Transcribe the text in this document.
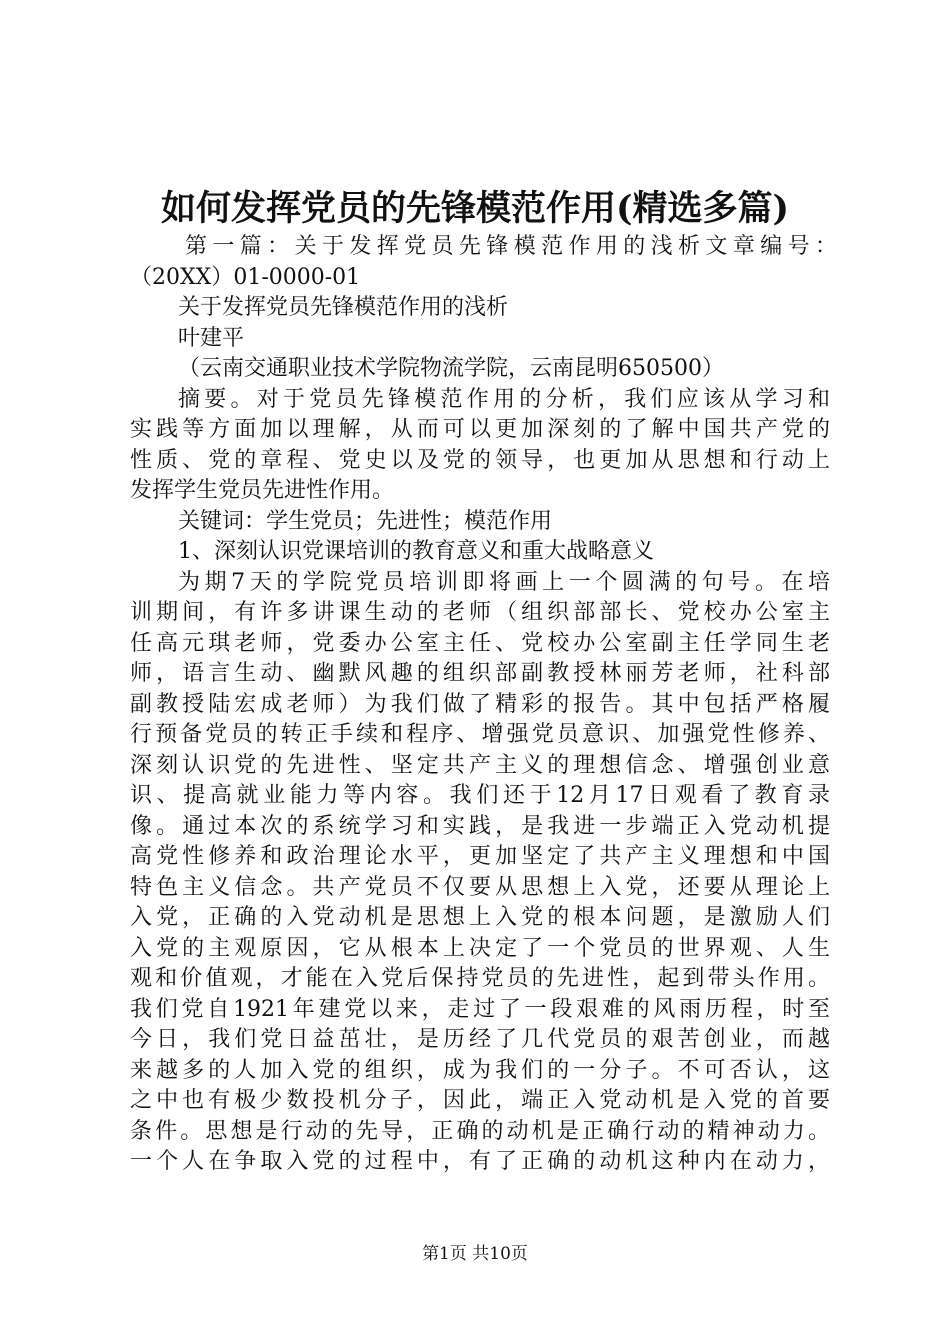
如何发挥党员的先锋模范作用(精选多篇)
第一篇：关于发挥党员先锋模范作用的浅析文章编号：
（20XX）01-0000-01
关于发挥党员先锋模范作用的浅析
叶建平
（云南交通职业技术学院物流学院，云南昆明650500）
摘要。对于党员先锋模范作用的分析，我们应该从学习和
实践等方面加以理解，从而可以更加深刻的了解中国共产党的
性质、党的章程、党史以及党的领导，也更加从思想和行动上
发挥学生党员先进性作用。
关键词：学生党员；先进性；模范作用
1、深刻认识党课培训的教育意义和重大战略意义
为期7天的学院党员培训即将画上一个圆满的句号。在培
训期间，有许多讲课生动的老师（组织部部长、党校办公室主
任高元琪老师，党委办公室主任、党校办公室副主任学同生老
师，语言生动、幽默风趣的组织部副教授林丽芳老师，社科部
副教授陆宏成老师）为我们做了精彩的报告。其中包括严格履
行预备党员的转正手续和程序、增强党员意识、加强党性修养、
深刻认识党的先进性、坚定共产主义的理想信念、增强创业意
识、提高就业能力等内容。我们还于12月17日观看了教育录
像。通过本次的系统学习和实践，是我进一步端正入党动机提
高党性修养和政治理论水平，更加坚定了共产主义理想和中国
特色主义信念。共产党员不仅要从思想上入党，还要从理论上
入党，正确的入党动机是思想上入党的根本问题，是激励人们
入党的主观原因，它从根本上决定了一个党员的世界观、人生
观和价值观，才能在入党后保持党员的先进性，起到带头作用。
我们党自1921年建党以来，走过了一段艰难的风雨历程，时至
今日，我们党日益茁壮，是历经了几代党员的艰苦创业，而越
来越多的人加入党的组织，成为我们的一分子。不可否认，这
之中也有极少数投机分子，因此，端正入党动机是入党的首要
条件。思想是行动的先导，正确的动机是正确行动的精神动力。
一个人在争取入党的过程中，有了正确的动机这种内在动力，
第1页 共10页
